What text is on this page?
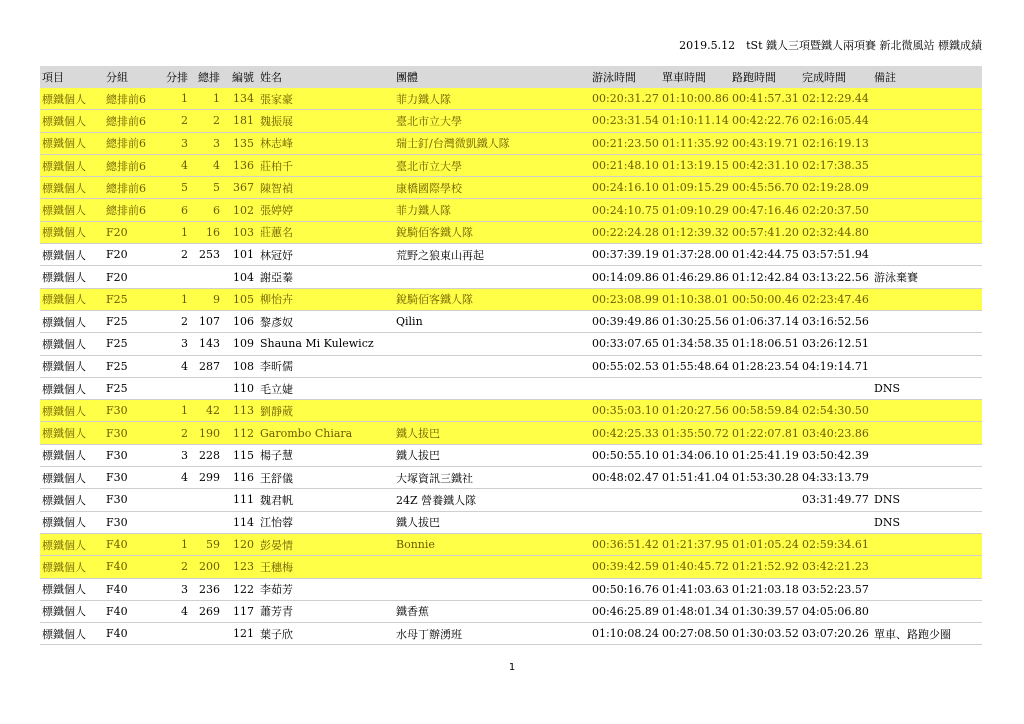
2019.5.12　tSt 鐵人三項暨鐵人兩項賽 新北微風站 標鐵成績
項目	分組	分排	總排	編號	姓名	團體	游泳時間	單車時間	路跑時間	完成時間	備註
標鐵個人	總排前6	1	1	134	張家豪	菲力鐵人隊	00:20:31.27	01:10:00.86	00:41:57.31	02:12:29.44	
標鐵個人	總排前6	2	2	181	魏振展	臺北市立大學	00:23:31.54	01:10:11.14	00:42:22.76	02:16:05.44	
標鐵個人	總排前6	3	3	135	林志峰	瑞士釘/台灣微凱鐵人隊	00:21:23.50	01:11:35.92	00:43:19.71	02:16:19.13	
標鐵個人	總排前6	4	4	136	莊柏千	臺北市立大學	00:21:48.10	01:13:19.15	00:42:31.10	02:17:38.35	
標鐵個人	總排前6	5	5	367	陳智禎	康橋國際學校	00:24:16.10	01:09:15.29	00:45:56.70	02:19:28.09	
標鐵個人	總排前6	6	6	102	張婷婷	菲力鐵人隊	00:24:10.75	01:09:10.29	00:47:16.46	02:20:37.50	
標鐵個人	F20	1	16	103	莊蕙名	銳騎佰客鐵人隊	00:22:24.28	01:12:39.32	00:57:41.20	02:32:44.80	
標鐵個人	F20	2	253	101	林冠妤	荒野之狼東山再起	00:37:39.19	01:37:28.00	01:42:44.75	03:57:51.94	
標鐵個人	F20			104	謝亞蓁		00:14:09.86	01:46:29.86	01:12:42.84	03:13:22.56	游泳棄賽
標鐵個人	F25	1	9	105	柳怡卉	銳騎佰客鐵人隊	00:23:08.99	01:10:38.01	00:50:00.46	02:23:47.46	
標鐵個人	F25	2	107	106	黎彥奴	Qilin	00:39:49.86	01:30:25.56	01:06:37.14	03:16:52.56	
標鐵個人	F25	3	143	109	Shauna Mi Kulewicz		00:33:07.65	01:34:58.35	01:18:06.51	03:26:12.51	
標鐵個人	F25	4	287	108	李昕儒		00:55:02.53	01:55:48.64	01:28:23.54	04:19:14.71	
標鐵個人	F25			110	毛立婕						DNS
標鐵個人	F30	1	42	113	劉靜葳		00:35:03.10	01:20:27.56	00:58:59.84	02:54:30.50	
標鐵個人	F30	2	190	112	Garombo Chiara	鐵人拔巴	00:42:25.33	01:35:50.72	01:22:07.81	03:40:23.86	
標鐵個人	F30	3	228	115	楊子慧	鐵人拔巴	00:50:55.10	01:34:06.10	01:25:41.19	03:50:42.39	
標鐵個人	F30	4	299	116	王舒儀	大塚資訊三鐵社	00:48:02.47	01:51:41.04	01:53:30.28	04:33:13.79	
標鐵個人	F30			111	魏君帆	24Z 營養鐵人隊				03:31:49.77	DNS
標鐵個人	F30			114	江怡蓉	鐵人拔巴					DNS
標鐵個人	F40	1	59	120	彭晏情	Bonnie	00:36:51.42	01:21:37.95	01:01:05.24	02:59:34.61	
標鐵個人	F40	2	200	123	王穗梅		00:39:42.59	01:40:45.72	01:21:52.92	03:42:21.23	
標鐵個人	F40	3	236	122	李茹芳		00:50:16.76	01:41:03.63	01:21:03.18	03:52:23.57	
標鐵個人	F40	4	269	117	蕭芳青	鐵香蕉	00:46:25.89	01:48:01.34	01:30:39.57	04:05:06.80	
標鐵個人	F40			121	葉子欣	水母丁辦湧班	01:10:08.24	00:27:08.50	01:30:03.52	03:07:20.26	單車、路跑少圈
1
